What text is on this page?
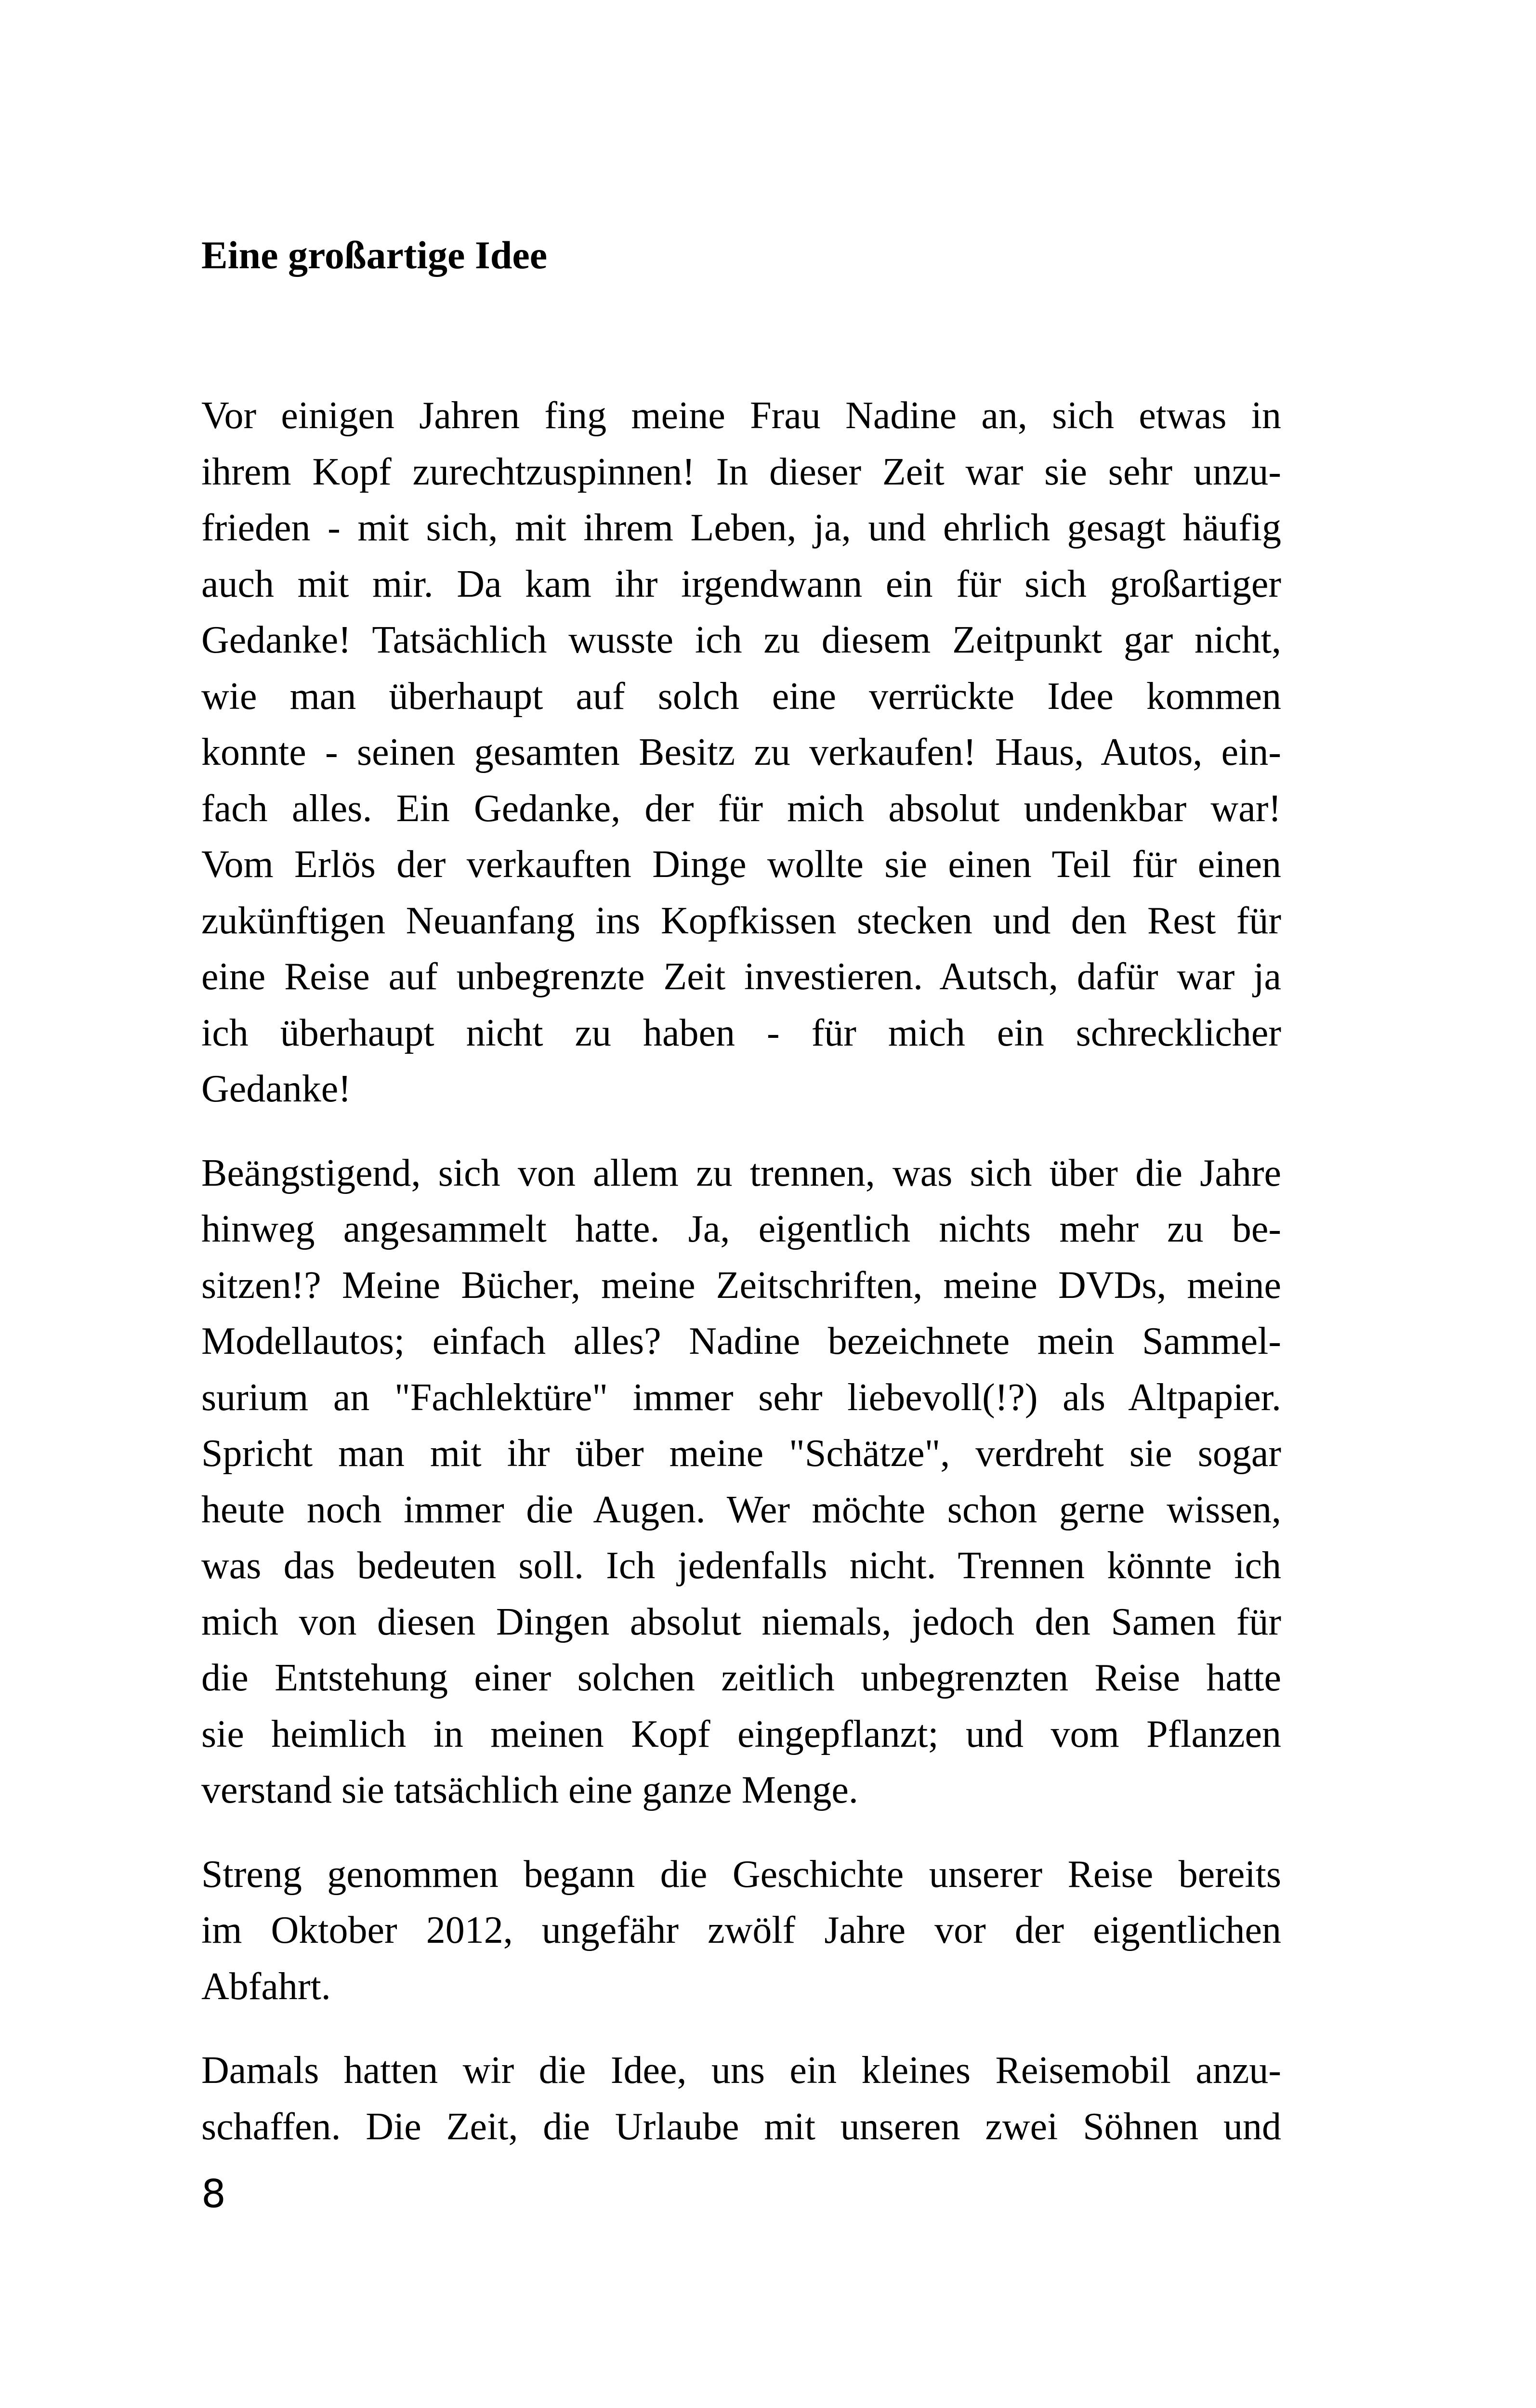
Eine großartige Idee

Vor einigen Jahren fing meine Frau Nadine an, sich etwas in
ihrem Kopf zurechtzuspinnen! In dieser Zeit war sie sehr unzu-
frieden - mit sich, mit ihrem Leben, ja, und ehrlich gesagt häufig
auch mit mir. Da kam ihr irgendwann ein für sich großartiger
Gedanke! Tatsächlich wusste ich zu diesem Zeitpunkt gar nicht,
wie man überhaupt auf solch eine verrückte Idee kommen
konnte - seinen gesamten Besitz zu verkaufen! Haus, Autos, ein-
fach alles. Ein Gedanke, der für mich absolut undenkbar war!
Vom Erlös der verkauften Dinge wollte sie einen Teil für einen
zukünftigen Neuanfang ins Kopfkissen stecken und den Rest für
eine Reise auf unbegrenzte Zeit investieren. Autsch, dafür war ja
ich überhaupt nicht zu haben - für mich ein schrecklicher
Gedanke!

Beängstigend, sich von allem zu trennen, was sich über die Jahre
hinweg angesammelt hatte. Ja, eigentlich nichts mehr zu be-
sitzen!? Meine Bücher, meine Zeitschriften, meine DVDs, meine
Modellautos; einfach alles? Nadine bezeichnete mein Sammel-
surium an "Fachlektüre" immer sehr liebevoll(!?) als Altpapier.
Spricht man mit ihr über meine "Schätze", verdreht sie sogar
heute noch immer die Augen. Wer möchte schon gerne wissen,
was das bedeuten soll. Ich jedenfalls nicht. Trennen könnte ich
mich von diesen Dingen absolut niemals, jedoch den Samen für
die Entstehung einer solchen zeitlich unbegrenzten Reise hatte
sie heimlich in meinen Kopf eingepflanzt; und vom Pflanzen
verstand sie tatsächlich eine ganze Menge.

Streng genommen begann die Geschichte unserer Reise bereits
im Oktober 2012, ungefähr zwölf Jahre vor der eigentlichen
Abfahrt.

Damals hatten wir die Idee, uns ein kleines Reisemobil anzu-
schaffen. Die Zeit, die Urlaube mit unseren zwei Söhnen und

8
